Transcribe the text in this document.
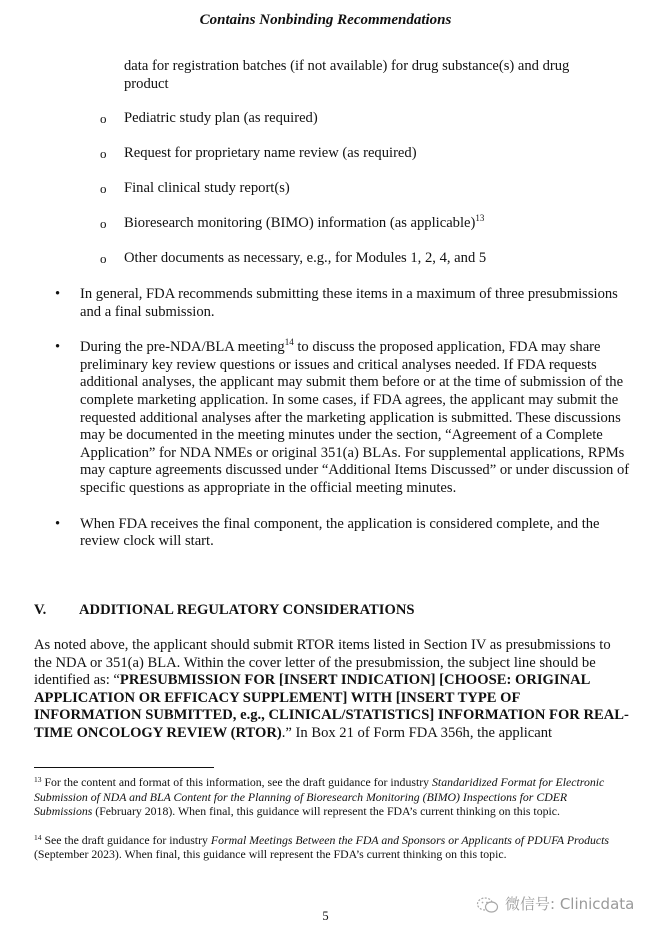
Contains Nonbinding Recommendations
data for registration batches (if not available) for drug substance(s) and drug product
o Pediatric study plan (as required)
o Request for proprietary name review (as required)
o Final clinical study report(s)
o Bioresearch monitoring (BIMO) information (as applicable)$^{13}$
o Other documents as necessary, e.g., for Modules 1, 2, 4, and 5
• In general, FDA recommends submitting these items in a maximum of three presubmissions and a final submission.
• During the pre-NDA/BLA meeting$^{14}$ to discuss the proposed application, FDA may share preliminary key review questions or issues and critical analyses needed. If FDA requests additional analyses, the applicant may submit them before or at the time of submission of the complete marketing application. In some cases, if FDA agrees, the applicant may submit the requested additional analyses after the marketing application is submitted. These discussions may be documented in the meeting minutes under the section, “Agreement of a Complete Application” for NDA NMEs or original 351(a) BLAs. For supplemental applications, RPMs may capture agreements discussed under “Additional Items Discussed” or under discussion of specific questions as appropriate in the official meeting minutes.
• When FDA receives the final component, the application is considered complete, and the review clock will start.
V. ADDITIONAL REGULATORY CONSIDERATIONS
As noted above, the applicant should submit RTOR items listed in Section IV as presubmissions to the NDA or 351(a) BLA. Within the cover letter of the presubmission, the subject line should be identified as: “PRESUBMISSION FOR [INSERT INDICATION] [CHOOSE: ORIGINAL APPLICATION OR EFFICACY SUPPLEMENT] WITH [INSERT TYPE OF INFORMATION SUBMITTED, e.g., CLINICAL/STATISTICS] INFORMATION FOR REAL-TIME ONCOLOGY REVIEW (RTOR).” In Box 21 of Form FDA 356h, the applicant
$^{13}$ For the content and format of this information, see the draft guidance for industry Standaridized Format for Electronic Submission of NDA and BLA Content for the Planning of Bioresearch Monitoring (BIMO) Inspections for CDER Submissions (February 2018). When final, this guidance will represent the FDA’s current thinking on this topic.
$^{14}$ See the draft guidance for industry Formal Meetings Between the FDA and Sponsors or Applicants of PDUFA Products (September 2023). When final, this guidance will represent the FDA’s current thinking on this topic.
5
微信号: Clinicdata
